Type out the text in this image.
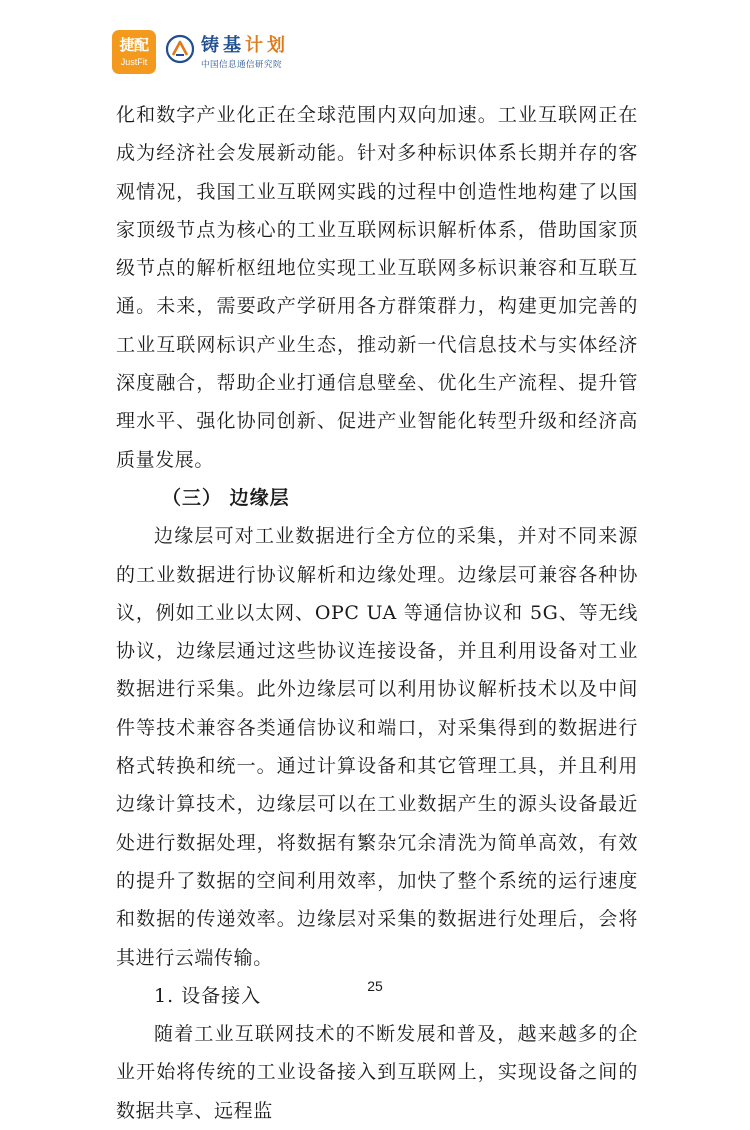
捷配
JustFit
铸基计划
中国信息通信研究院

化和数字产业化正在全球范围内双向加速。工业互联网正在成为经济社会发展新动能。针对多种标识体系长期并存的客观情况，我国工业互联网实践的过程中创造性地构建了以国家顶级节点为核心的工业互联网标识解析体系，借助国家顶级节点的解析枢纽地位实现工业互联网多标识兼容和互联互通。未来，需要政产学研用各方群策群力，构建更加完善的工业互联网标识产业生态，推动新一代信息技术与实体经济深度融合，帮助企业打通信息壁垒、优化生产流程、提升管理水平、强化协同创新、促进产业智能化转型升级和经济高质量发展。

（三） 边缘层

边缘层可对工业数据进行全方位的采集，并对不同来源的工业数据进行协议解析和边缘处理。边缘层可兼容各种协议，例如工业以太网、OPC UA 等通信协议和 5G、等无线协议，边缘层通过这些协议连接设备，并且利用设备对工业数据进行采集。此外边缘层可以利用协议解析技术以及中间件等技术兼容各类通信协议和端口，对采集得到的数据进行格式转换和统一。通过计算设备和其它管理工具，并且利用边缘计算技术，边缘层可以在工业数据产生的源头设备最近处进行数据处理，将数据有繁杂冗余清洗为简单高效，有效的提升了数据的空间利用效率，加快了整个系统的运行速度和数据的传递效率。边缘层对采集的数据进行处理后，会将其进行云端传输。

1. 设备接入

随着工业互联网技术的不断发展和普及，越来越多的企业开始将传统的工业设备接入到互联网上，实现设备之间的数据共享、远程监

25
